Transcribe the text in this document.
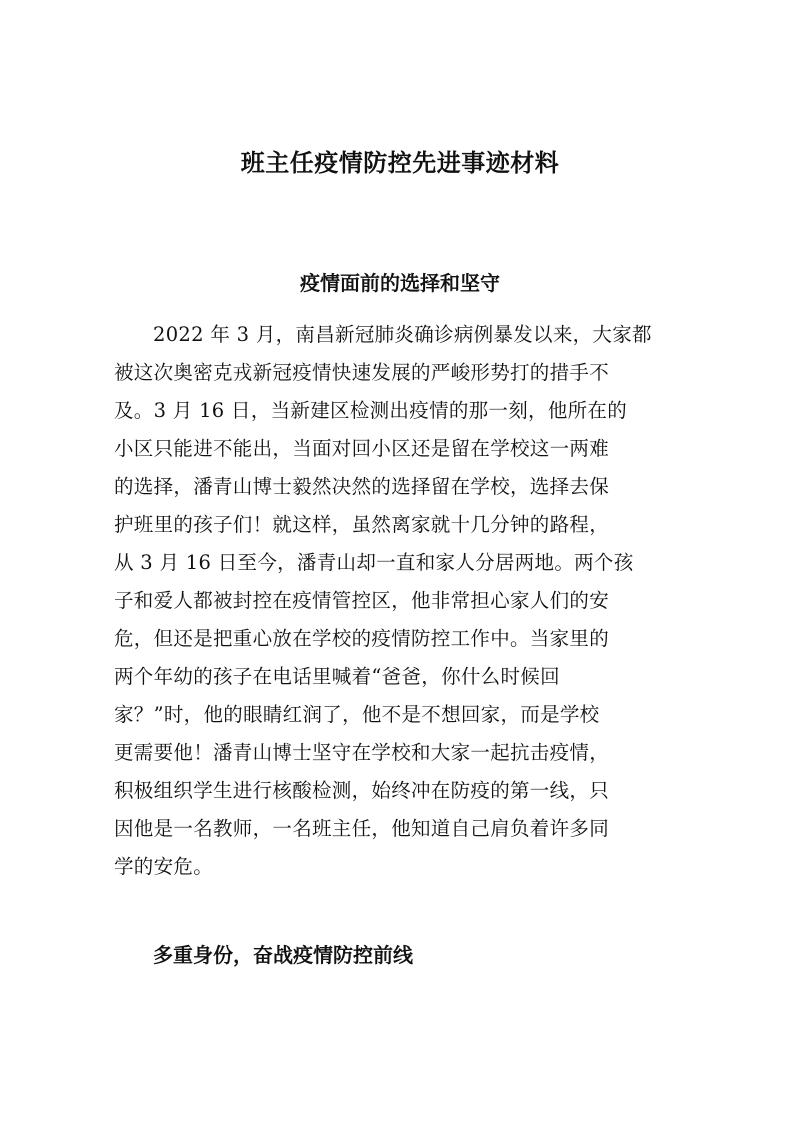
班主任疫情防控先进事迹材料
疫情面前的选择和坚守
2022 年 3 月，南昌新冠肺炎确诊病例暴发以来，大家都
被这次奥密克戎新冠疫情快速发展的严峻形势打的措手不
及。3 月 16 日，当新建区检测出疫情的那一刻，他所在的
小区只能进不能出，当面对回小区还是留在学校这一两难
的选择，潘青山博士毅然决然的选择留在学校，选择去保
护班里的孩子们！就这样，虽然离家就十几分钟的路程，
从 3 月 16 日至今，潘青山却一直和家人分居两地。两个孩
子和爱人都被封控在疫情管控区，他非常担心家人们的安
危，但还是把重心放在学校的疫情防控工作中。当家里的
两个年幼的孩子在电话里喊着“爸爸，你什么时候回
家？”时，他的眼睛红润了，他不是不想回家，而是学校
更需要他！潘青山博士坚守在学校和大家一起抗击疫情，
积极组织学生进行核酸检测，始终冲在防疫的第一线，只
因他是一名教师，一名班主任，他知道自己肩负着许多同
学的安危。
多重身份，奋战疫情防控前线
